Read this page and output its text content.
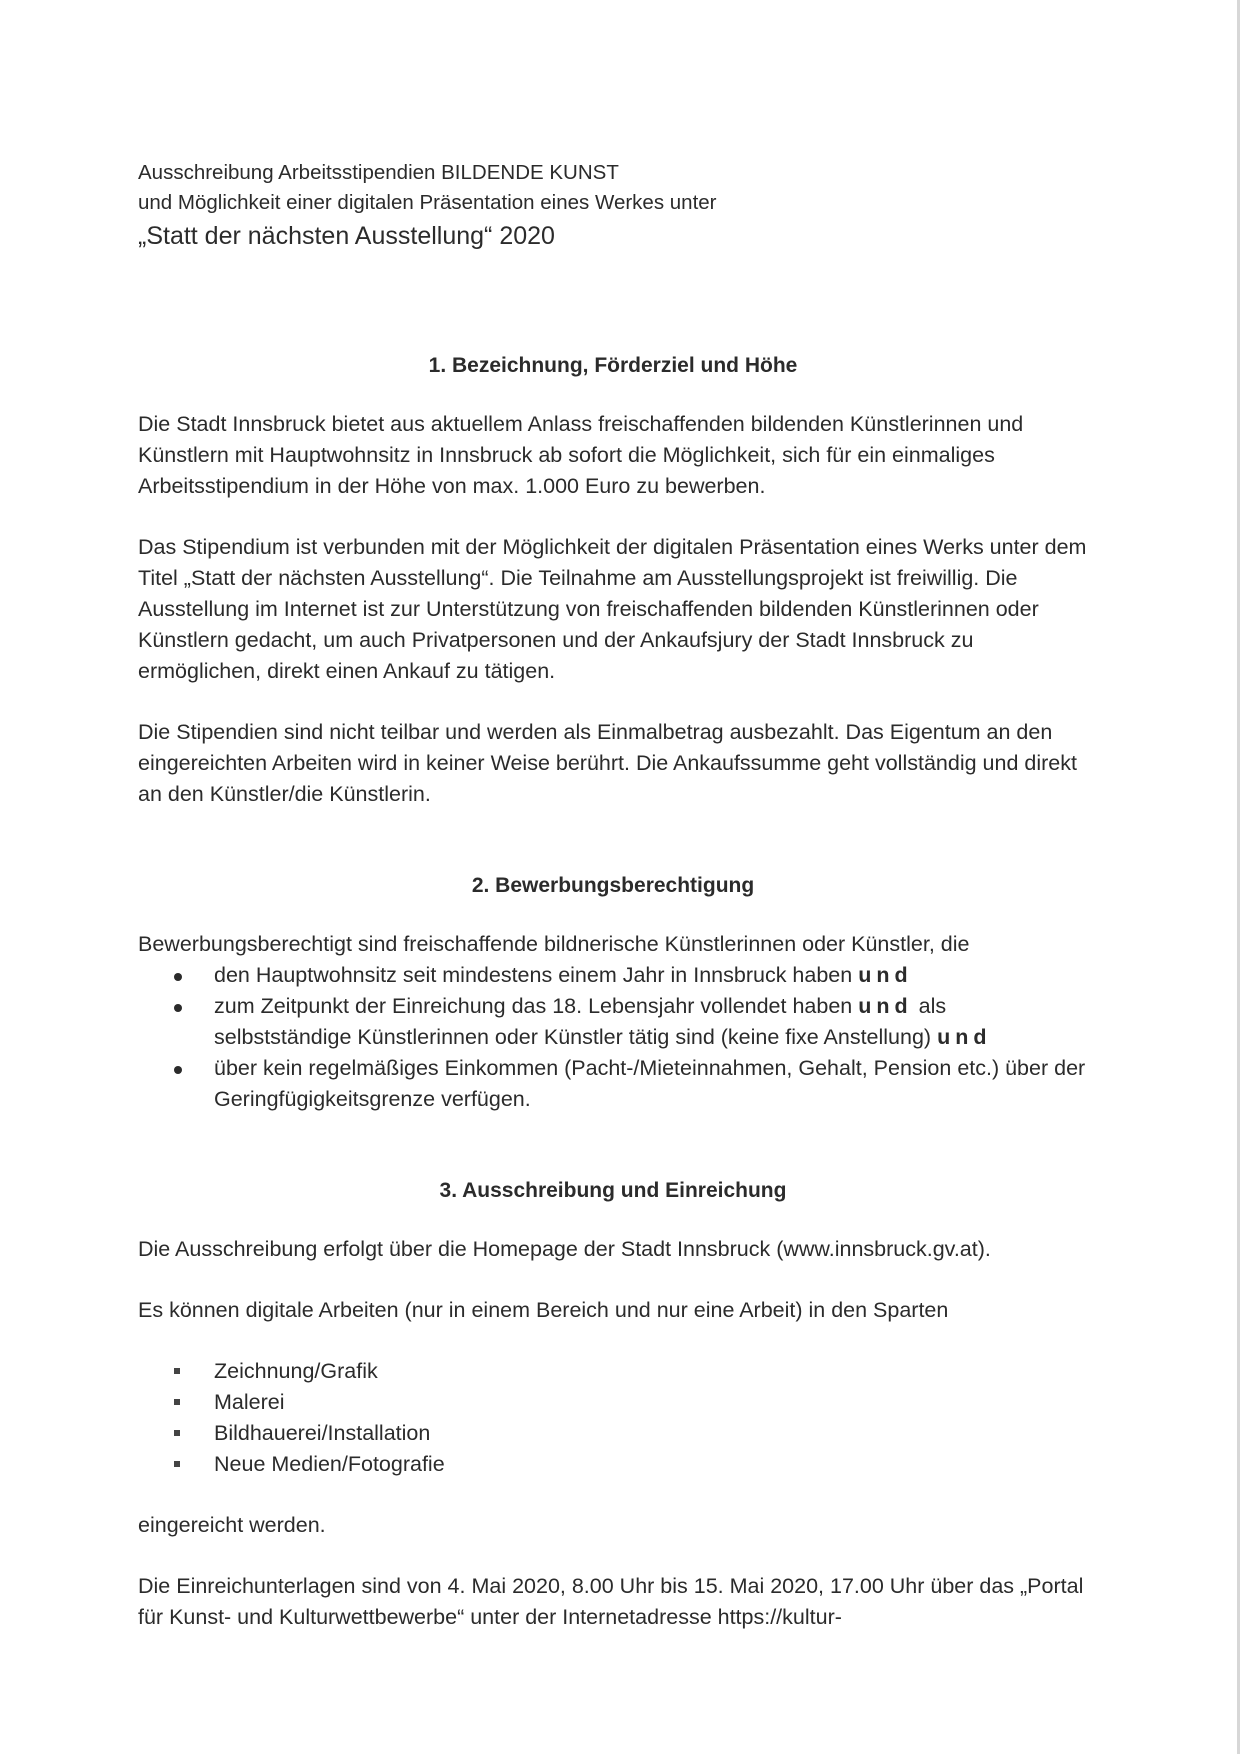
Ausschreibung Arbeitsstipendien BILDENDE KUNST

und Möglichkeit einer digitalen Präsentation eines Werkes unter

„Statt der nächsten Ausstellung“ 2020

1. Bezeichnung, Förderziel und Höhe

Die Stadt Innsbruck bietet aus aktuellem Anlass freischaffenden bildenden Künstlerinnen und Künstlern mit Hauptwohnsitz in Innsbruck ab sofort die Möglichkeit, sich für ein einmaliges Arbeitsstipendium in der Höhe von max. 1.000 Euro zu bewerben.

Das Stipendium ist verbunden mit der Möglichkeit der digitalen Präsentation eines Werks unter dem Titel „Statt der nächsten Ausstellung“. Die Teilnahme am Ausstellungsprojekt ist freiwillig. Die Ausstellung im Internet ist zur Unterstützung von freischaffenden bildenden Künstlerinnen oder Künstlern gedacht, um auch Privatpersonen und der Ankaufsjury der Stadt Innsbruck zu ermöglichen, direkt einen Ankauf zu tätigen.

Die Stipendien sind nicht teilbar und werden als Einmalbetrag ausbezahlt. Das Eigentum an den eingereichten Arbeiten wird in keiner Weise berührt. Die Ankaufssumme geht vollständig und direkt an den Künstler/die Künstlerin.

2. Bewerbungsberechtigung

Bewerbungsberechtigt sind freischaffende bildnerische Künstlerinnen oder Künstler, die

den Hauptwohnsitz seit mindestens einem Jahr in Innsbruck haben und
zum Zeitpunkt der Einreichung das 18. Lebensjahr vollendet haben und als selbstständige Künstlerinnen oder Künstler tätig sind (keine fixe Anstellung) und
über kein regelmäßiges Einkommen (Pacht-/Mieteinnahmen, Gehalt, Pension etc.) über der Geringfügigkeitsgrenze verfügen.

3. Ausschreibung und Einreichung

Die Ausschreibung erfolgt über die Homepage der Stadt Innsbruck (www.innsbruck.gv.at).

Es können digitale Arbeiten (nur in einem Bereich und nur eine Arbeit) in den Sparten

Zeichnung/Grafik
Malerei
Bildhauerei/Installation
Neue Medien/Fotografie

eingereicht werden.

Die Einreichunterlagen sind von 4. Mai 2020, 8.00 Uhr bis 15. Mai 2020, 17.00 Uhr über das „Portal für Kunst- und Kulturwettbewerbe“ unter der Internetadresse https://kultur-
